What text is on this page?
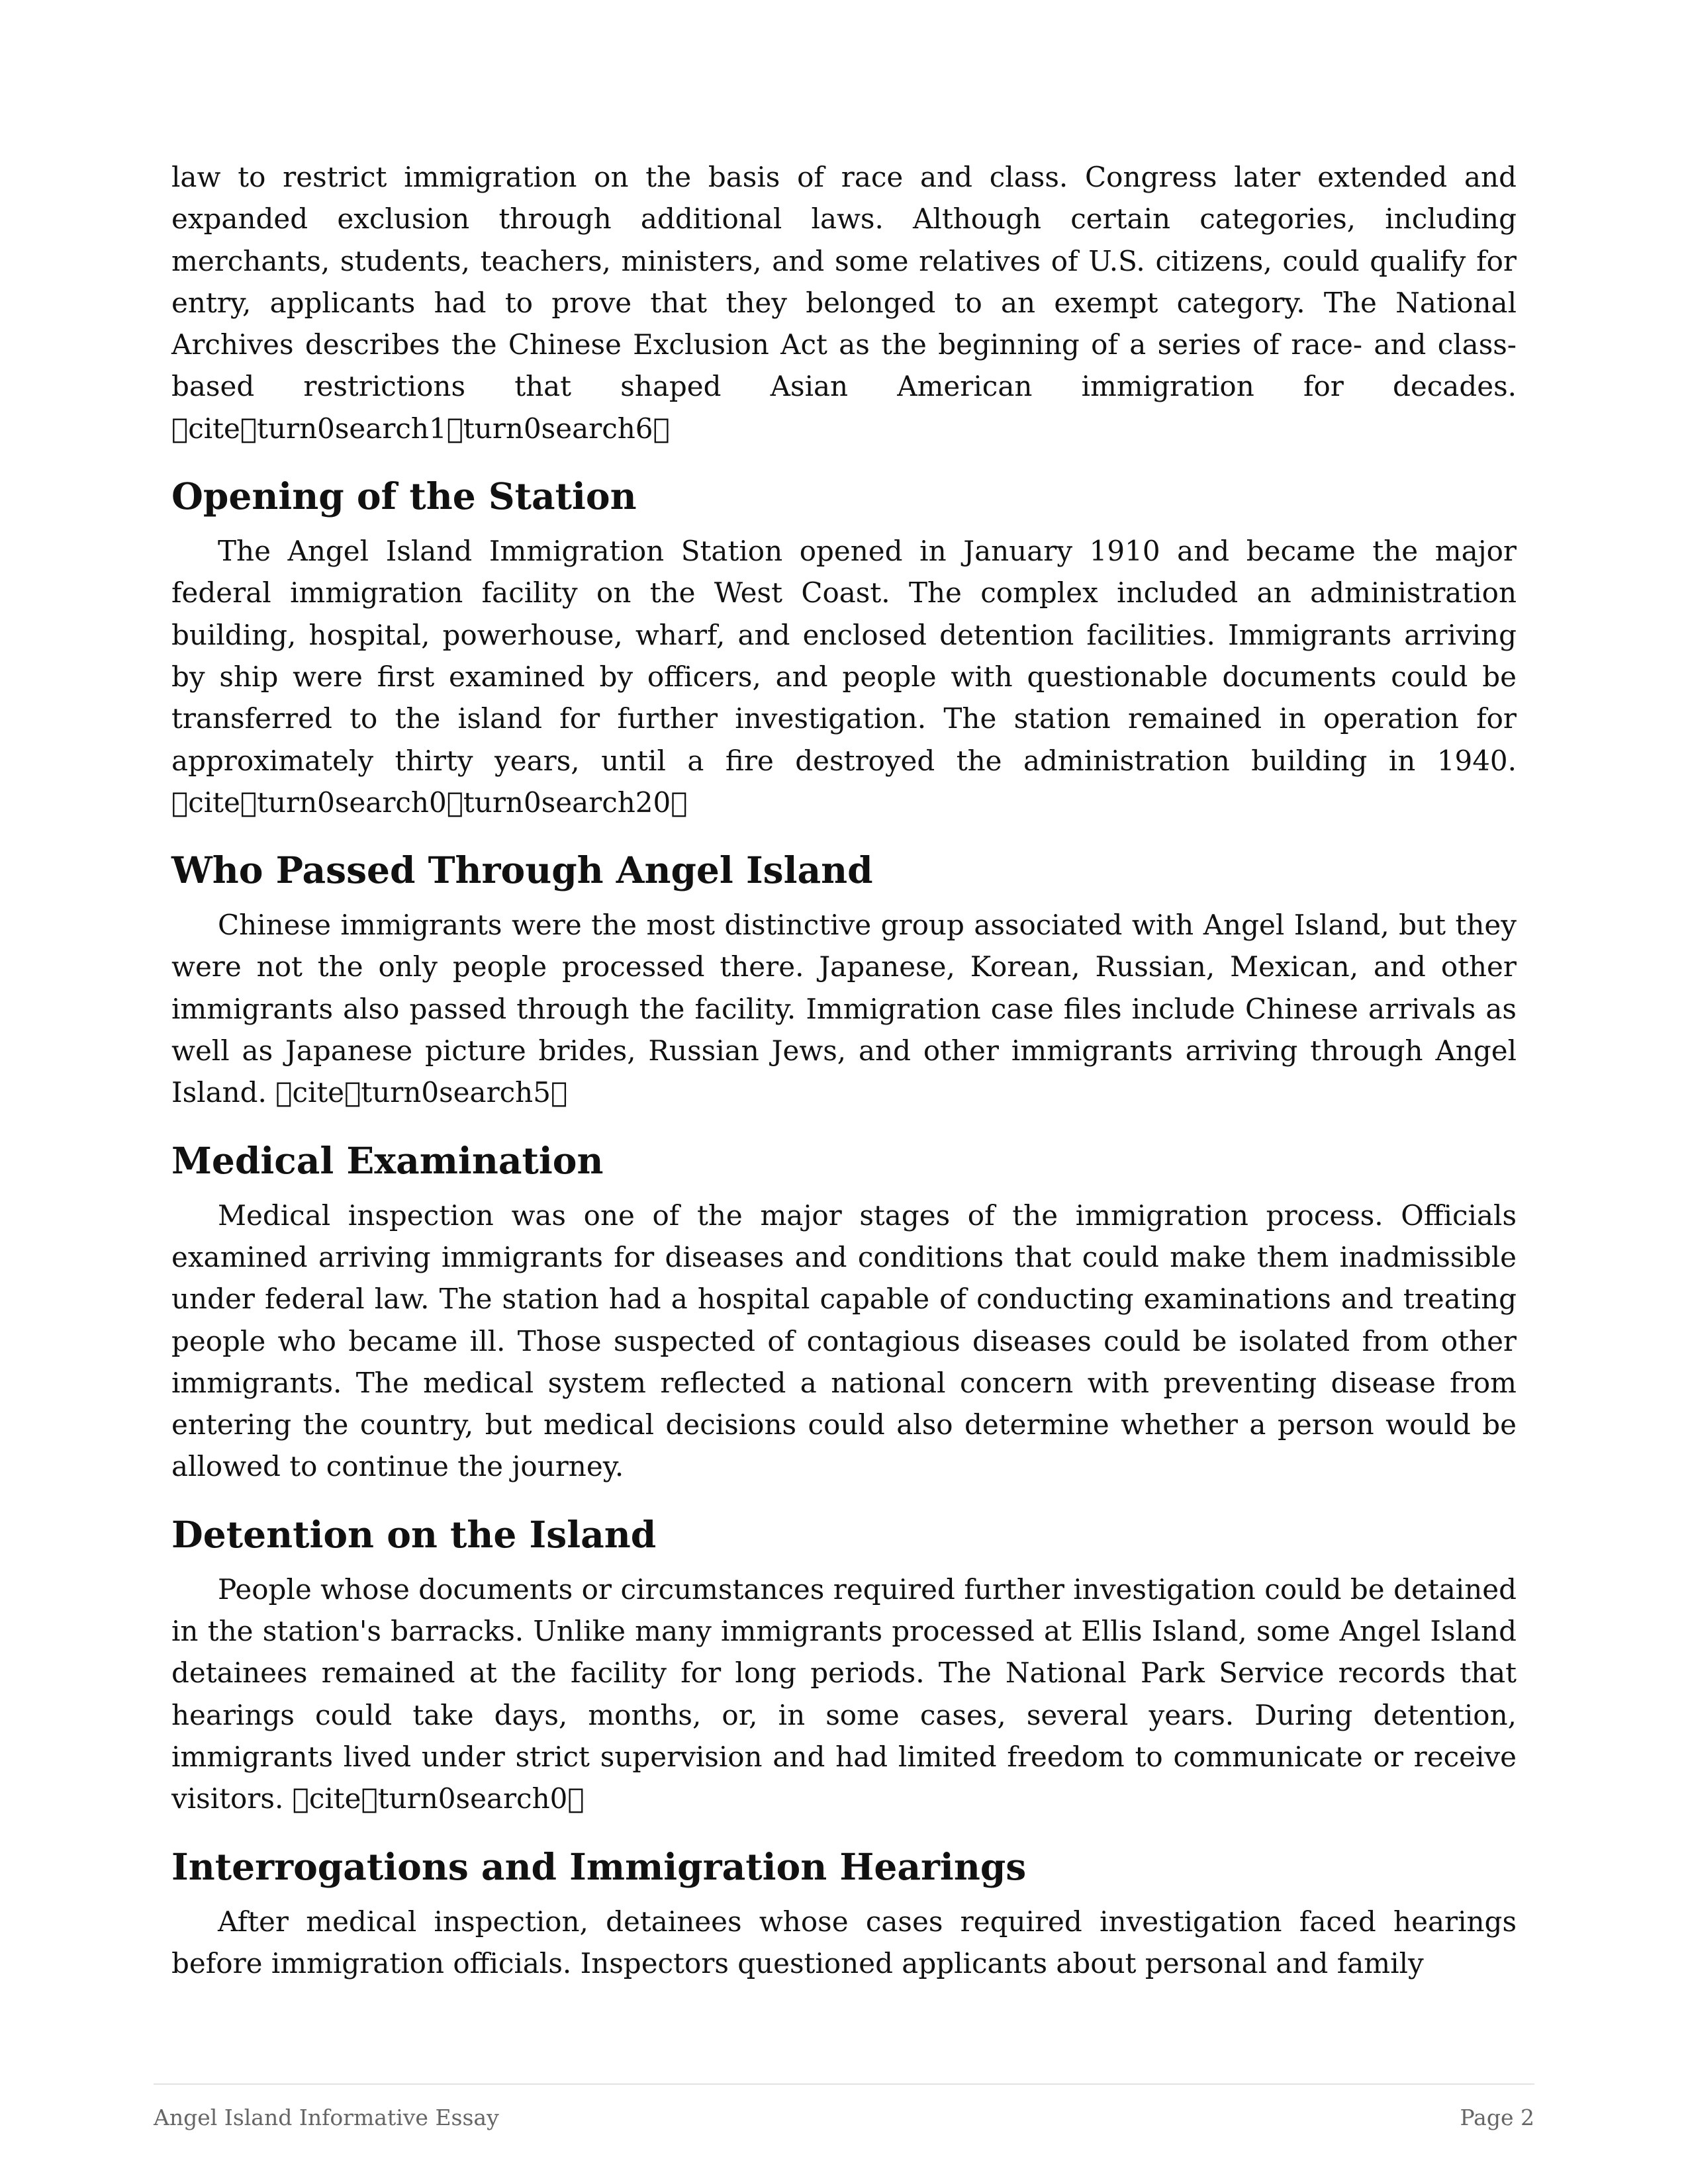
law to restrict immigration on the basis of race and class. Congress later extended and expanded exclusion through additional laws. Although certain categories, including merchants, students, teachers, ministers, and some relatives of U.S. citizens, could qualify for entry, applicants had to prove that they belonged to an exempt category. The National Archives describes the Chinese Exclusion Act as the beginning of a series of race- and class-based restrictions that shaped Asian American immigration for decades. cite turn0search1 turn0search6

Opening of the Station

The Angel Island Immigration Station opened in January 1910 and became the major federal immigration facility on the West Coast. The complex included an administration building, hospital, powerhouse, wharf, and enclosed detention facilities. Immigrants arriving by ship were first examined by officers, and people with questionable documents could be transferred to the island for further investigation. The station remained in operation for approximately thirty years, until a fire destroyed the administration building in 1940. cite turn0search0 turn0search20

Who Passed Through Angel Island

Chinese immigrants were the most distinctive group associated with Angel Island, but they were not the only people processed there. Japanese, Korean, Russian, Mexican, and other immigrants also passed through the facility. Immigration case files include Chinese arrivals as well as Japanese picture brides, Russian Jews, and other immigrants arriving through Angel Island. cite turn0search5

Medical Examination

Medical inspection was one of the major stages of the immigration process. Officials examined arriving immigrants for diseases and conditions that could make them inadmissible under federal law. The station had a hospital capable of conducting examinations and treating people who became ill. Those suspected of contagious diseases could be isolated from other immigrants. The medical system reflected a national concern with preventing disease from entering the country, but medical decisions could also determine whether a person would be allowed to continue the journey.

Detention on the Island

People whose documents or circumstances required further investigation could be detained in the station's barracks. Unlike many immigrants processed at Ellis Island, some Angel Island detainees remained at the facility for long periods. The National Park Service records that hearings could take days, months, or, in some cases, several years. During detention, immigrants lived under strict supervision and had limited freedom to communicate or receive visitors. cite turn0search0

Interrogations and Immigration Hearings

After medical inspection, detainees whose cases required investigation faced hearings before immigration officials. Inspectors questioned applicants about personal and family

Angel Island Informative Essay	Page 2
